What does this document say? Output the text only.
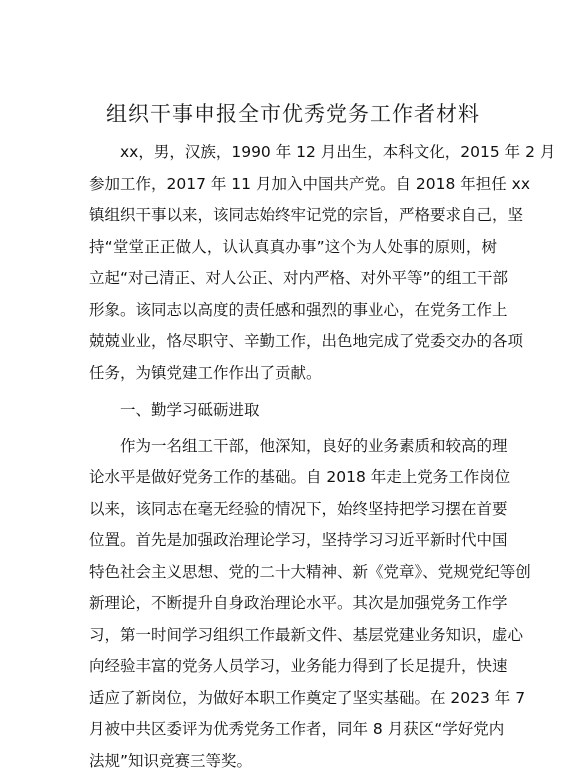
组织干事申报全市优秀党务工作者材料
xx，男，汉族，1990 年 12 月出生，本科文化，2015 年 2 月
参加工作，2017 年 11 月加入中国共产党。自 2018 年担任 xx
镇组织干事以来，该同志始终牢记党的宗旨，严格要求自己，坚
持“堂堂正正做人，认认真真办事”这个为人处事的原则，树
立起“对己清正、对人公正、对内严格、对外平等”的组工干部
形象。该同志以高度的责任感和强烈的事业心，在党务工作上
兢兢业业，恪尽职守、辛勤工作，出色地完成了党委交办的各项
任务，为镇党建工作作出了贡献。
一、勤学习砥砺进取
作为一名组工干部，他深知，良好的业务素质和较高的理
论水平是做好党务工作的基础。自 2018 年走上党务工作岗位
以来，该同志在毫无经验的情况下，始终坚持把学习摆在首要
位置。首先是加强政治理论学习，坚持学习习近平新时代中国
特色社会主义思想、党的二十大精神、新《党章》、党规党纪等创
新理论，不断提升自身政治理论水平。其次是加强党务工作学
习，第一时间学习组织工作最新文件、基层党建业务知识，虚心
向经验丰富的党务人员学习，业务能力得到了长足提升，快速
适应了新岗位，为做好本职工作奠定了坚实基础。在 2023 年 7
月被中共区委评为优秀党务工作者，同年 8 月获区“学好党内
法规”知识竞赛三等奖。
